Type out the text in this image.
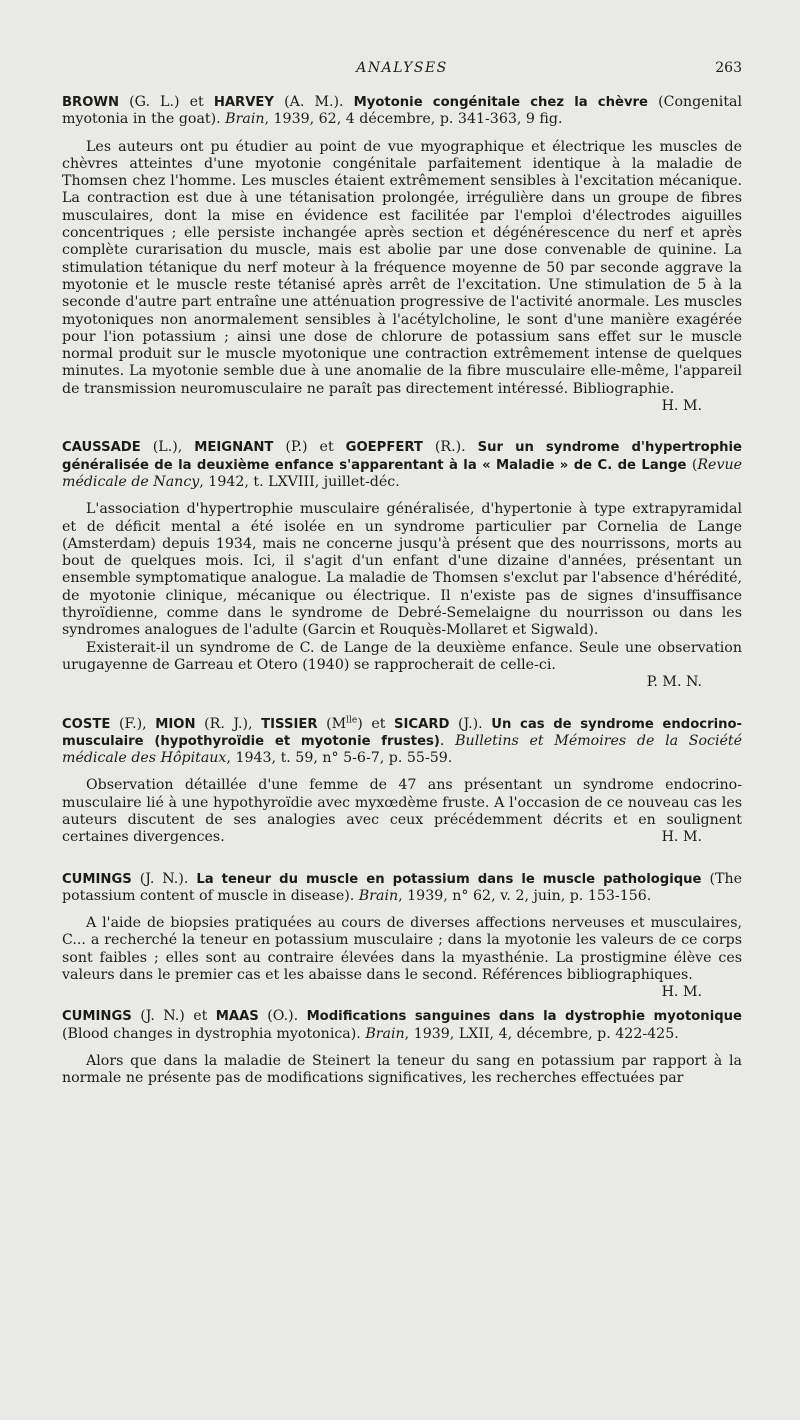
ANALYSES	263

BROWN (G. L.) et HARVEY (A. M.). Myotonie congénitale chez la chèvre (Congenital myotonia in the goat). Brain, 1939, 62, 4 décembre, p. 341-363, 9 fig.

Les auteurs ont pu étudier au point de vue myographique et électrique les muscles de chèvres atteintes d'une myotonie congénitale parfaitement identique à la maladie de Thomsen chez l'homme. Les muscles étaient extrêmement sensibles à l'excitation mécanique. La contraction est due à une tétanisation prolongée, irrégulière dans un groupe de fibres musculaires, dont la mise en évidence est facilitée par l'emploi d'électrodes aiguilles concentriques ; elle persiste inchangée après section et dégénérescence du nerf et après complète curarisation du muscle, mais est abolie par une dose convenable de quinine. La stimulation tétanique du nerf moteur à la fréquence moyenne de 50 par seconde aggrave la myotonie et le muscle reste tétanisé après arrêt de l'excitation. Une stimulation de 5 à la seconde d'autre part entraîne une atténuation progressive de l'activité anormale. Les muscles myotoniques non anormalement sensibles à l'acétylcholine, le sont d'une manière exagérée pour l'ion potassium ; ainsi une dose de chlorure de potassium sans effet sur le muscle normal produit sur le muscle myotonique une contraction extrêmement intense de quelques minutes. La myotonie semble due à une anomalie de la fibre musculaire elle-même, l'appareil de transmission neuromusculaire ne paraît pas directement intéressé. Bibliographie.

H. M.

CAUSSADE (L.), MEIGNANT (P.) et GOEPFERT (R.). Sur un syndrome d'hypertrophie généralisée de la deuxième enfance s'apparentant à la « Maladie » de C. de Lange (Revue médicale de Nancy, 1942, t. LXVIII, juillet-déc.

L'association d'hypertrophie musculaire généralisée, d'hypertonie à type extrapyramidal et de déficit mental a été isolée en un syndrome particulier par Cornelia de Lange (Amsterdam) depuis 1934, mais ne concerne jusqu'à présent que des nourrissons, morts au bout de quelques mois. Ici, il s'agit d'un enfant d'une dizaine d'années, présentant un ensemble symptomatique analogue. La maladie de Thomsen s'exclut par l'absence d'hérédité, de myotonie clinique, mécanique ou électrique. Il n'existe pas de signes d'insuffisance thyroïdienne, comme dans le syndrome de Debré-Semelaigne du nourrisson ou dans les syndromes analogues de l'adulte (Garcin et Rouquès-Mollaret et Sigwald).

Existerait-il un syndrome de C. de Lange de la deuxième enfance. Seule une observation urugayenne de Garreau et Otero (1940) se rapprocherait de celle-ci.

P. M. N.

COSTE (F.), MION (R. J.), TISSIER $(M^{lle})$ et SICARD (J.). Un cas de syndrome endocrino-musculaire (hypothyroïdie et myotonie frustes). Bulletins et Mémoires de la Société médicale des Hôpitaux, 1943, t. 59, n° 5-6-7, p. 55-59.

Observation détaillée d'une femme de 47 ans présentant un syndrome endocrino-musculaire lié à une hypothyroïdie avec myxœdème fruste. A l'occasion de ce nouveau cas les auteurs discutent de ses analogies avec ceux précédemment décrits et en soulignent certaines divergences.	H. M.

CUMINGS (J. N.). La teneur du muscle en potassium dans le muscle pathologique (The potassium content of muscle in disease). Brain, 1939, n° 62, v. 2, juin, p. 153-156.

A l'aide de biopsies pratiquées au cours de diverses affections nerveuses et musculaires, C... a recherché la teneur en potassium musculaire ; dans la myotonie les valeurs de ce corps sont faibles ; elles sont au contraire élevées dans la myasthénie. La prostigmine élève ces valeurs dans le premier cas et les abaisse dans le second. Références bibliographiques.
H. M.

CUMINGS (J. N.) et MAAS (O.). Modifications sanguines dans la dystrophie myotonique (Blood changes in dystrophia myotonica). Brain, 1939, LXII, 4, décembre, p. 422-425.

Alors que dans la maladie de Steinert la teneur du sang en potassium par rapport à la normale ne présente pas de modifications significatives, les recherches effectuées par
